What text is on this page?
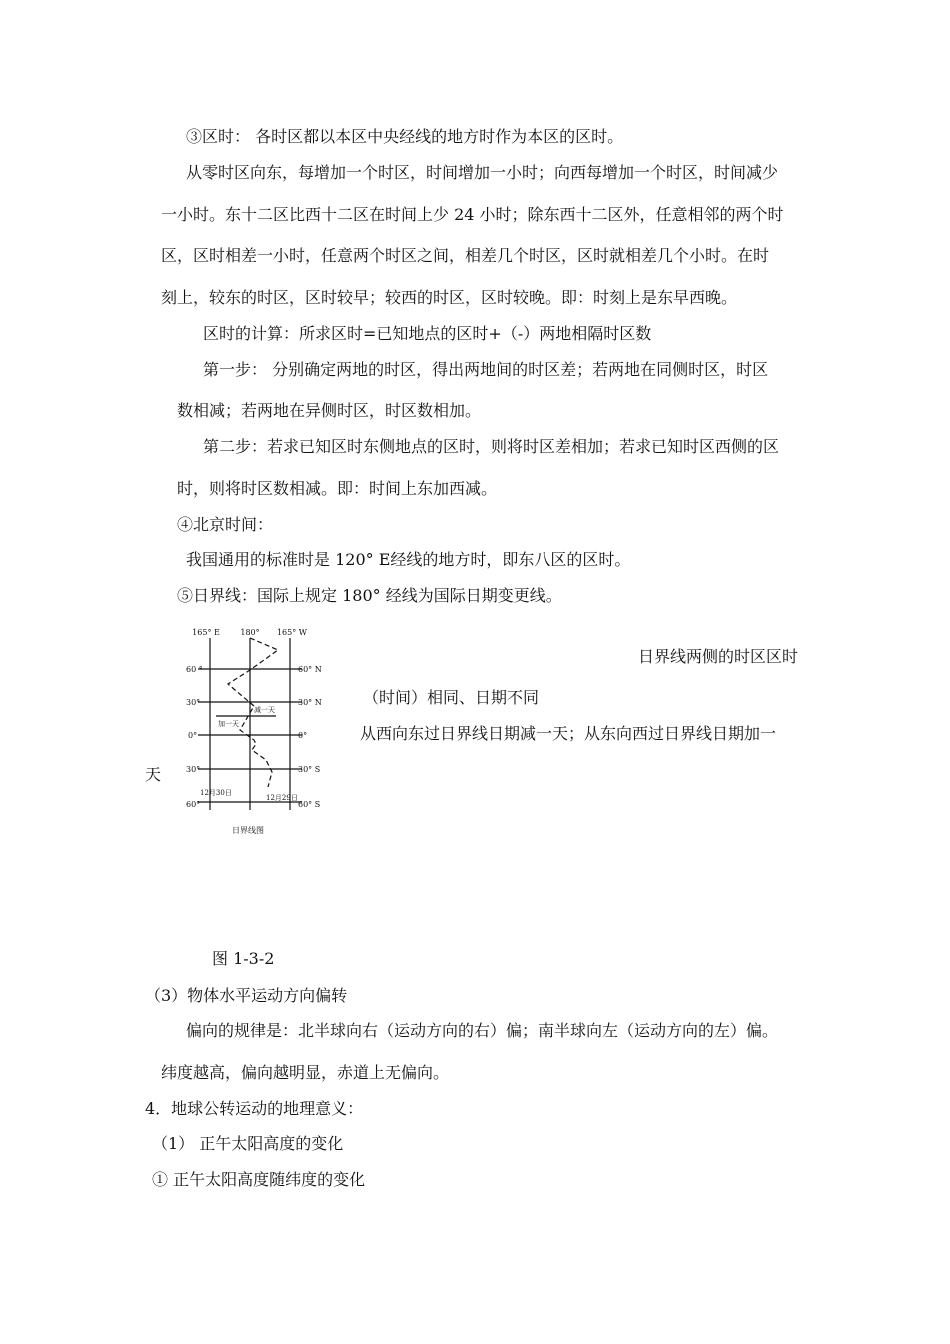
③区时： 各时区都以本区中央经线的地方时作为本区的区时。
从零时区向东，每增加一个时区，时间增加一小时；向西每增加一个时区，时间减少
一小时。东十二区比西十二区在时间上少 24 小时；除东西十二区外，任意相邻的两个时
区，区时相差一小时，任意两个时区之间，相差几个时区，区时就相差几个小时。在时
刻上，较东的时区，区时较早；较西的时区，区时较晚。即：时刻上是东早西晚。
区时的计算：所求区时=已知地点的区时+（-）两地相隔时区数
第一步： 分别确定两地的时区，得出两地间的时区差；若两地在同侧时区，时区
数相减；若两地在异侧时区，时区数相加。
第二步：若求已知区时东侧地点的区时，则将时区差相加；若求已知时区西侧的区
时，则将时区数相减。即：时间上东加西减。
④北京时间：
我国通用的标准时是 120° E经线的地方时，即东八区的区时。
⑤日界线：国际上规定 180° 经线为国际日期变更线。
165° E	180° 165° W
60 °
30°
0°
30°
60°
60° N
30° N
0°
30° S
60° S
减一天
加一天
12月30日
12月29日
日界线图
日界线两侧的时区区时
（时间）相同、日期不同
从西向东过日界线日期减一天；从东向西过日界线日期加一
天
图 1-3-2
（3）物体水平运动方向偏转
偏向的规律是：北半球向右（运动方向的右）偏；南半球向左（运动方向的左）偏。
纬度越高，偏向越明显，赤道上无偏向。
4．地球公转运动的地理意义：
（1） 正午太阳高度的变化
① 正午太阳高度随纬度的变化
